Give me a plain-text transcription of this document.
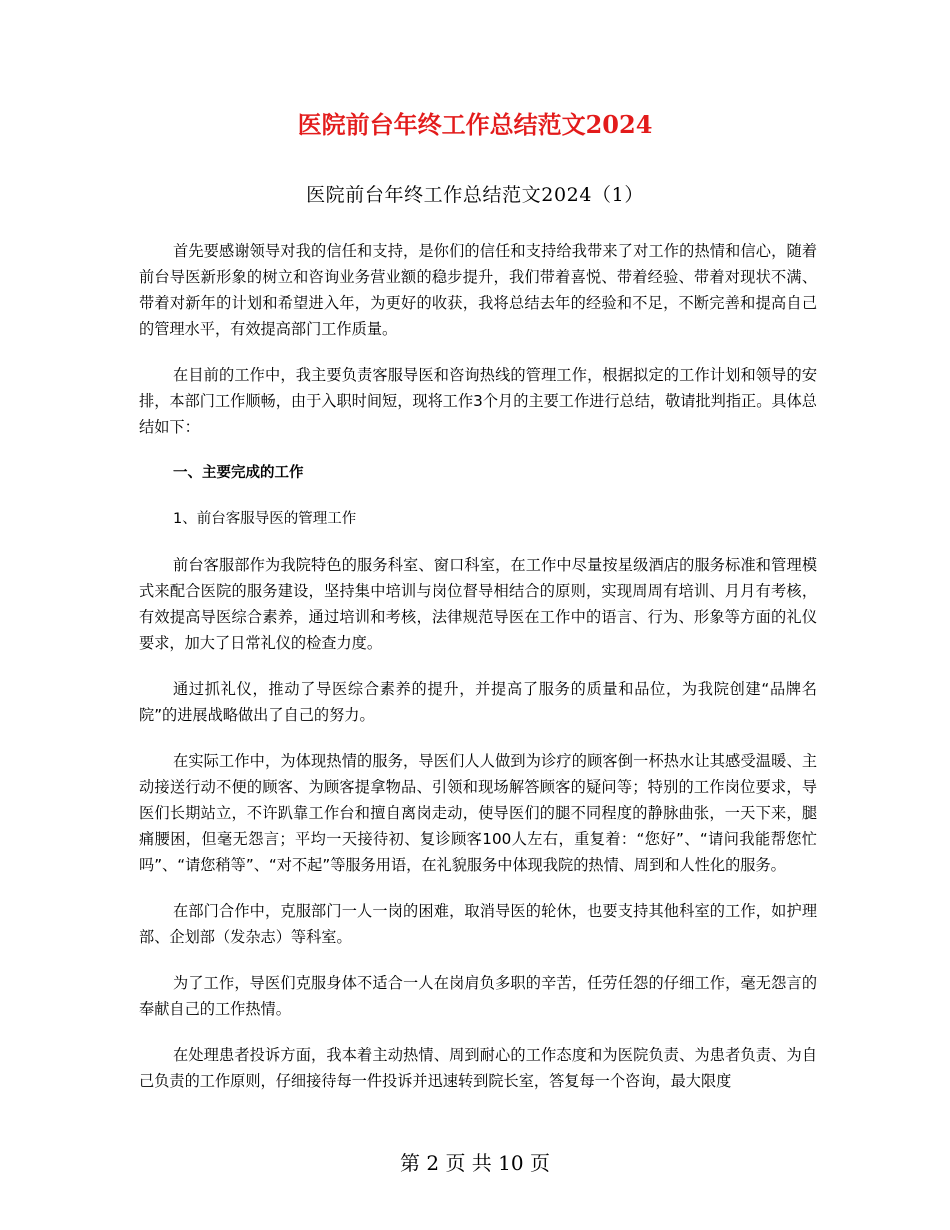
医院前台年终工作总结范文2024
医院前台年终工作总结范文2024（1）

首先要感谢领导对我的信任和支持，是你们的信任和支持给我带来了对工作的热情和信心，随着前台导医新形象的树立和咨询业务营业额的稳步提升，我们带着喜悦、带着经验、带着对现状不满、带着对新年的计划和希望进入年，为更好的收获，我将总结去年的经验和不足，不断完善和提高自己的管理水平，有效提高部门工作质量。

在目前的工作中，我主要负责客服导医和咨询热线的管理工作，根据拟定的工作计划和领导的安排，本部门工作顺畅，由于入职时间短，现将工作3个月的主要工作进行总结，敬请批判指正。具体总结如下：

一、主要完成的工作

1、前台客服导医的管理工作

前台客服部作为我院特色的服务科室、窗口科室，在工作中尽量按星级酒店的服务标准和管理模式来配合医院的服务建设，坚持集中培训与岗位督导相结合的原则，实现周周有培训、月月有考核，有效提高导医综合素养，通过培训和考核，法律规范导医在工作中的语言、行为、形象等方面的礼仪要求，加大了日常礼仪的检查力度。

通过抓礼仪，推动了导医综合素养的提升，并提高了服务的质量和品位，为我院创建“品牌名院”的进展战略做出了自己的努力。

在实际工作中，为体现热情的服务，导医们人人做到为诊疗的顾客倒一杯热水让其感受温暖、主动接送行动不便的顾客、为顾客提拿物品、引领和现场解答顾客的疑问等；特别的工作岗位要求，导医们长期站立，不许趴靠工作台和擅自离岗走动，使导医们的腿不同程度的静脉曲张，一天下来，腿痛腰困，但毫无怨言；平均一天接待初、复诊顾客100人左右，重复着：“您好”、“请问我能帮您忙吗”、“请您稍等”、“对不起”等服务用语，在礼貌服务中体现我院的热情、周到和人性化的服务。

在部门合作中，克服部门一人一岗的困难，取消导医的轮休，也要支持其他科室的工作，如护理部、企划部（发杂志）等科室。

为了工作，导医们克服身体不适合一人在岗肩负多职的辛苦，任劳任怨的仔细工作，毫无怨言的奉献自己的工作热情。

在处理患者投诉方面，我本着主动热情、周到耐心的工作态度和为医院负责、为患者负责、为自己负责的工作原则，仔细接待每一件投诉并迅速转到院长室，答复每一个咨询，最大限度

第 2 页 共 10 页
